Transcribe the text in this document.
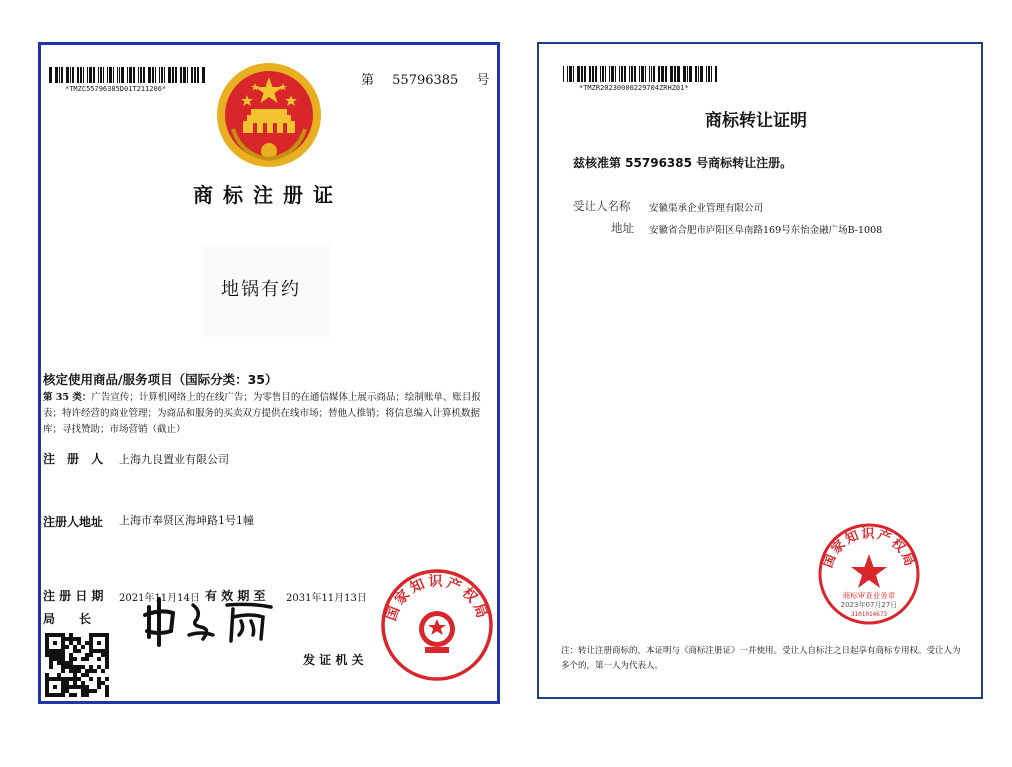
*TMZC55796385D01T211206*
第 55796385 号
商标注册证
地锅有约
核定使用商品/服务项目（国际分类：35）
第 35 类：广告宣传；计算机网络上的在线广告；为零售目的在通信媒体上展示商品；绘制账单、账目报表；特许经营的商业管理；为商品和服务的买卖双方提供在线市场；替他人推销；将信息编入计算机数据库；寻找赞助；市场营销（截止）
注　册　人 上海九良置业有限公司
注册人地址 上海市奉贤区海坤路1号1幢
注 册 日 期 2021年11月14日 有 效 期 至 2031年11月13日
局　　长
发 证 机 关
国家知识产权局
*TMZR20230000229704ZRHZ01*
商标转让证明
兹核准第 55796385 号商标转让注册。
受让人名称 安徽渠承企业管理有限公司
地址 安徽省合肥市庐阳区阜南路169号东怡金融广场B-1008
国家知识产权局
商标审查业务章
2023年07月27日
3101014673
注：转让注册商标的，本证明与《商标注册证》一并使用。受让人自标注之日起享有商标专用权。受让人为多个的，第一人为代表人。
